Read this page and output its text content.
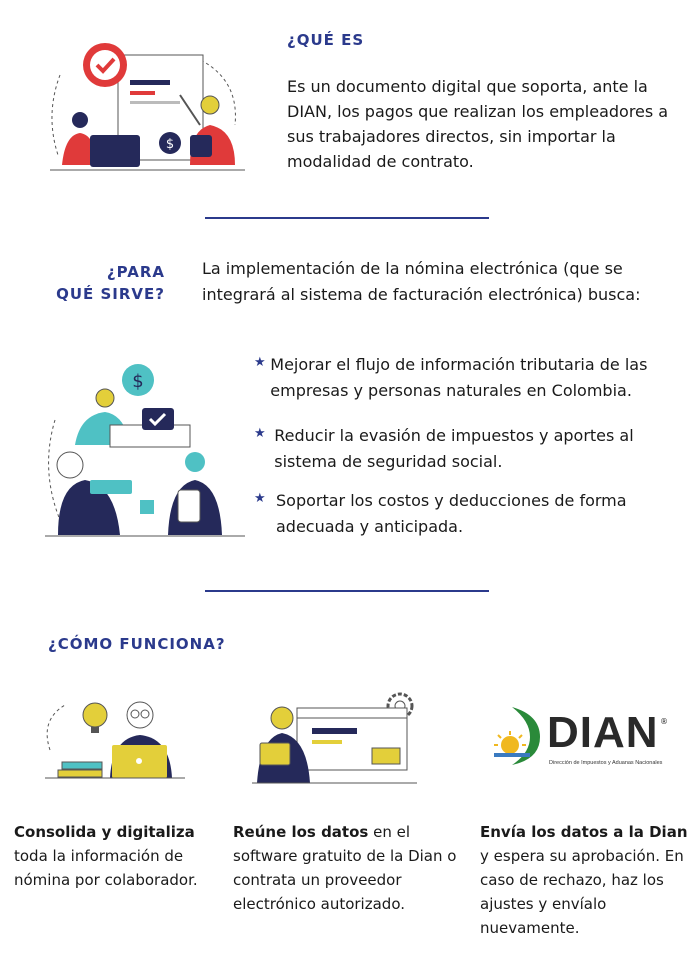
$
¿QUÉ ES
Es un documento digital que soporta, ante la DIAN, los pagos que realizan los empleadores a sus trabajadores directos, sin importar la modalidad de contrato.
¿PARA
QUÉ SIRVE?
La implementación de la nómina electrónica (que se integrará al sistema de facturación electrónica) busca:
$
★ Mejorar el flujo de información tributaria de las empresas y personas naturales en Colombia.
★ Reducir la evasión de impuestos y aportes al sistema de seguridad social.
★ Soportar los costos y deducciones de forma adecuada y anticipada.
¿CÓMO FUNCIONA?
DIAN ®
Dirección de Impuestos y Aduanas Nacionales
Consolida y digitaliza toda la información de nómina por colaborador.
Reúne los datos en el software gratuito de la Dian o contrata un proveedor electrónico autorizado.
Envía los datos a la Dian y espera su aprobación. En caso de rechazo, haz los ajustes y envíalo nuevamente.
